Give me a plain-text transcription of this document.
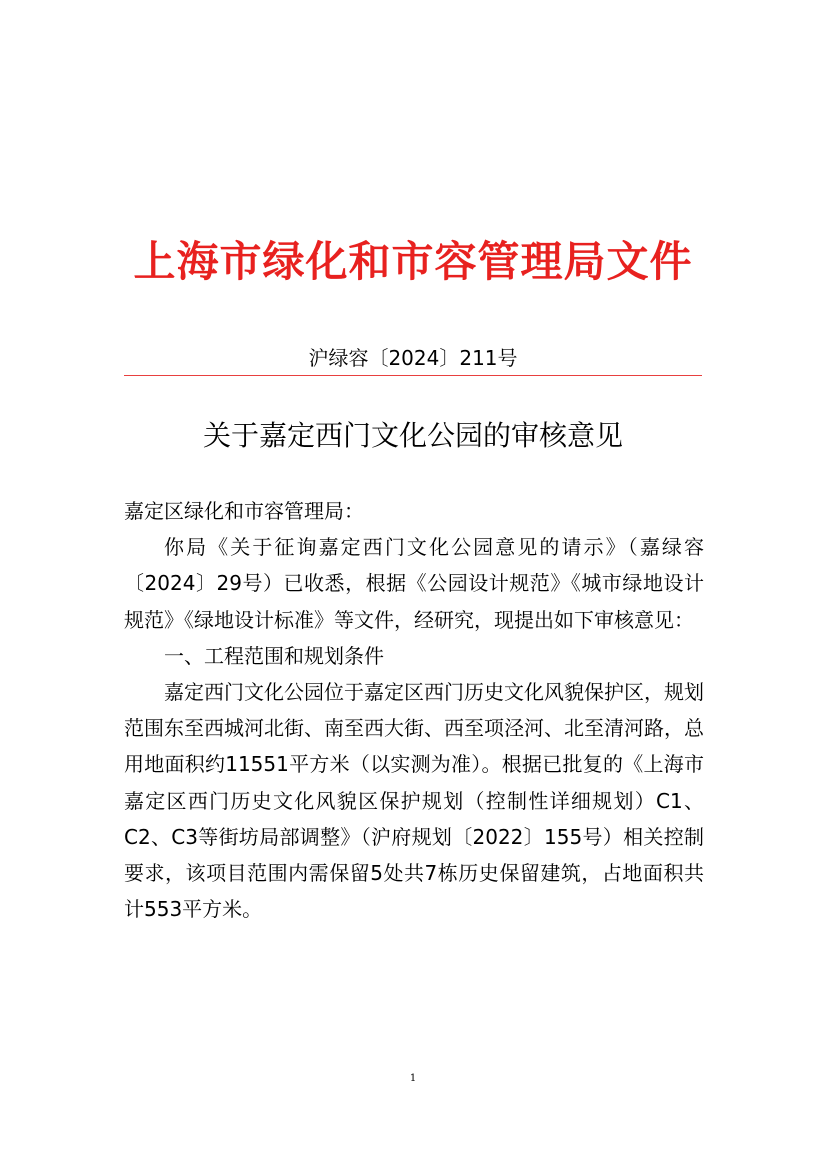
上海市绿化和市容管理局文件
沪绿容〔2024〕211号
关于嘉定西门文化公园的审核意见

嘉定区绿化和市容管理局：

你局《关于征询嘉定西门文化公园意见的请示》（嘉绿容〔2024〕29号）已收悉，根据《公园设计规范》《城市绿地设计规范》《绿地设计标准》等文件，经研究，现提出如下审核意见：

一、工程范围和规划条件

嘉定西门文化公园位于嘉定区西门历史文化风貌保护区，规划范围东至西城河北街、南至西大街、西至项泾河、北至清河路，总用地面积约11551平方米（以实测为准）。根据已批复的《上海市嘉定区西门历史文化风貌区保护规划（控制性详细规划）C1、C2、C3等街坊局部调整》（沪府规划〔2022〕155号）相关控制要求，该项目范围内需保留5处共7栋历史保留建筑，占地面积共计553平方米。

1
